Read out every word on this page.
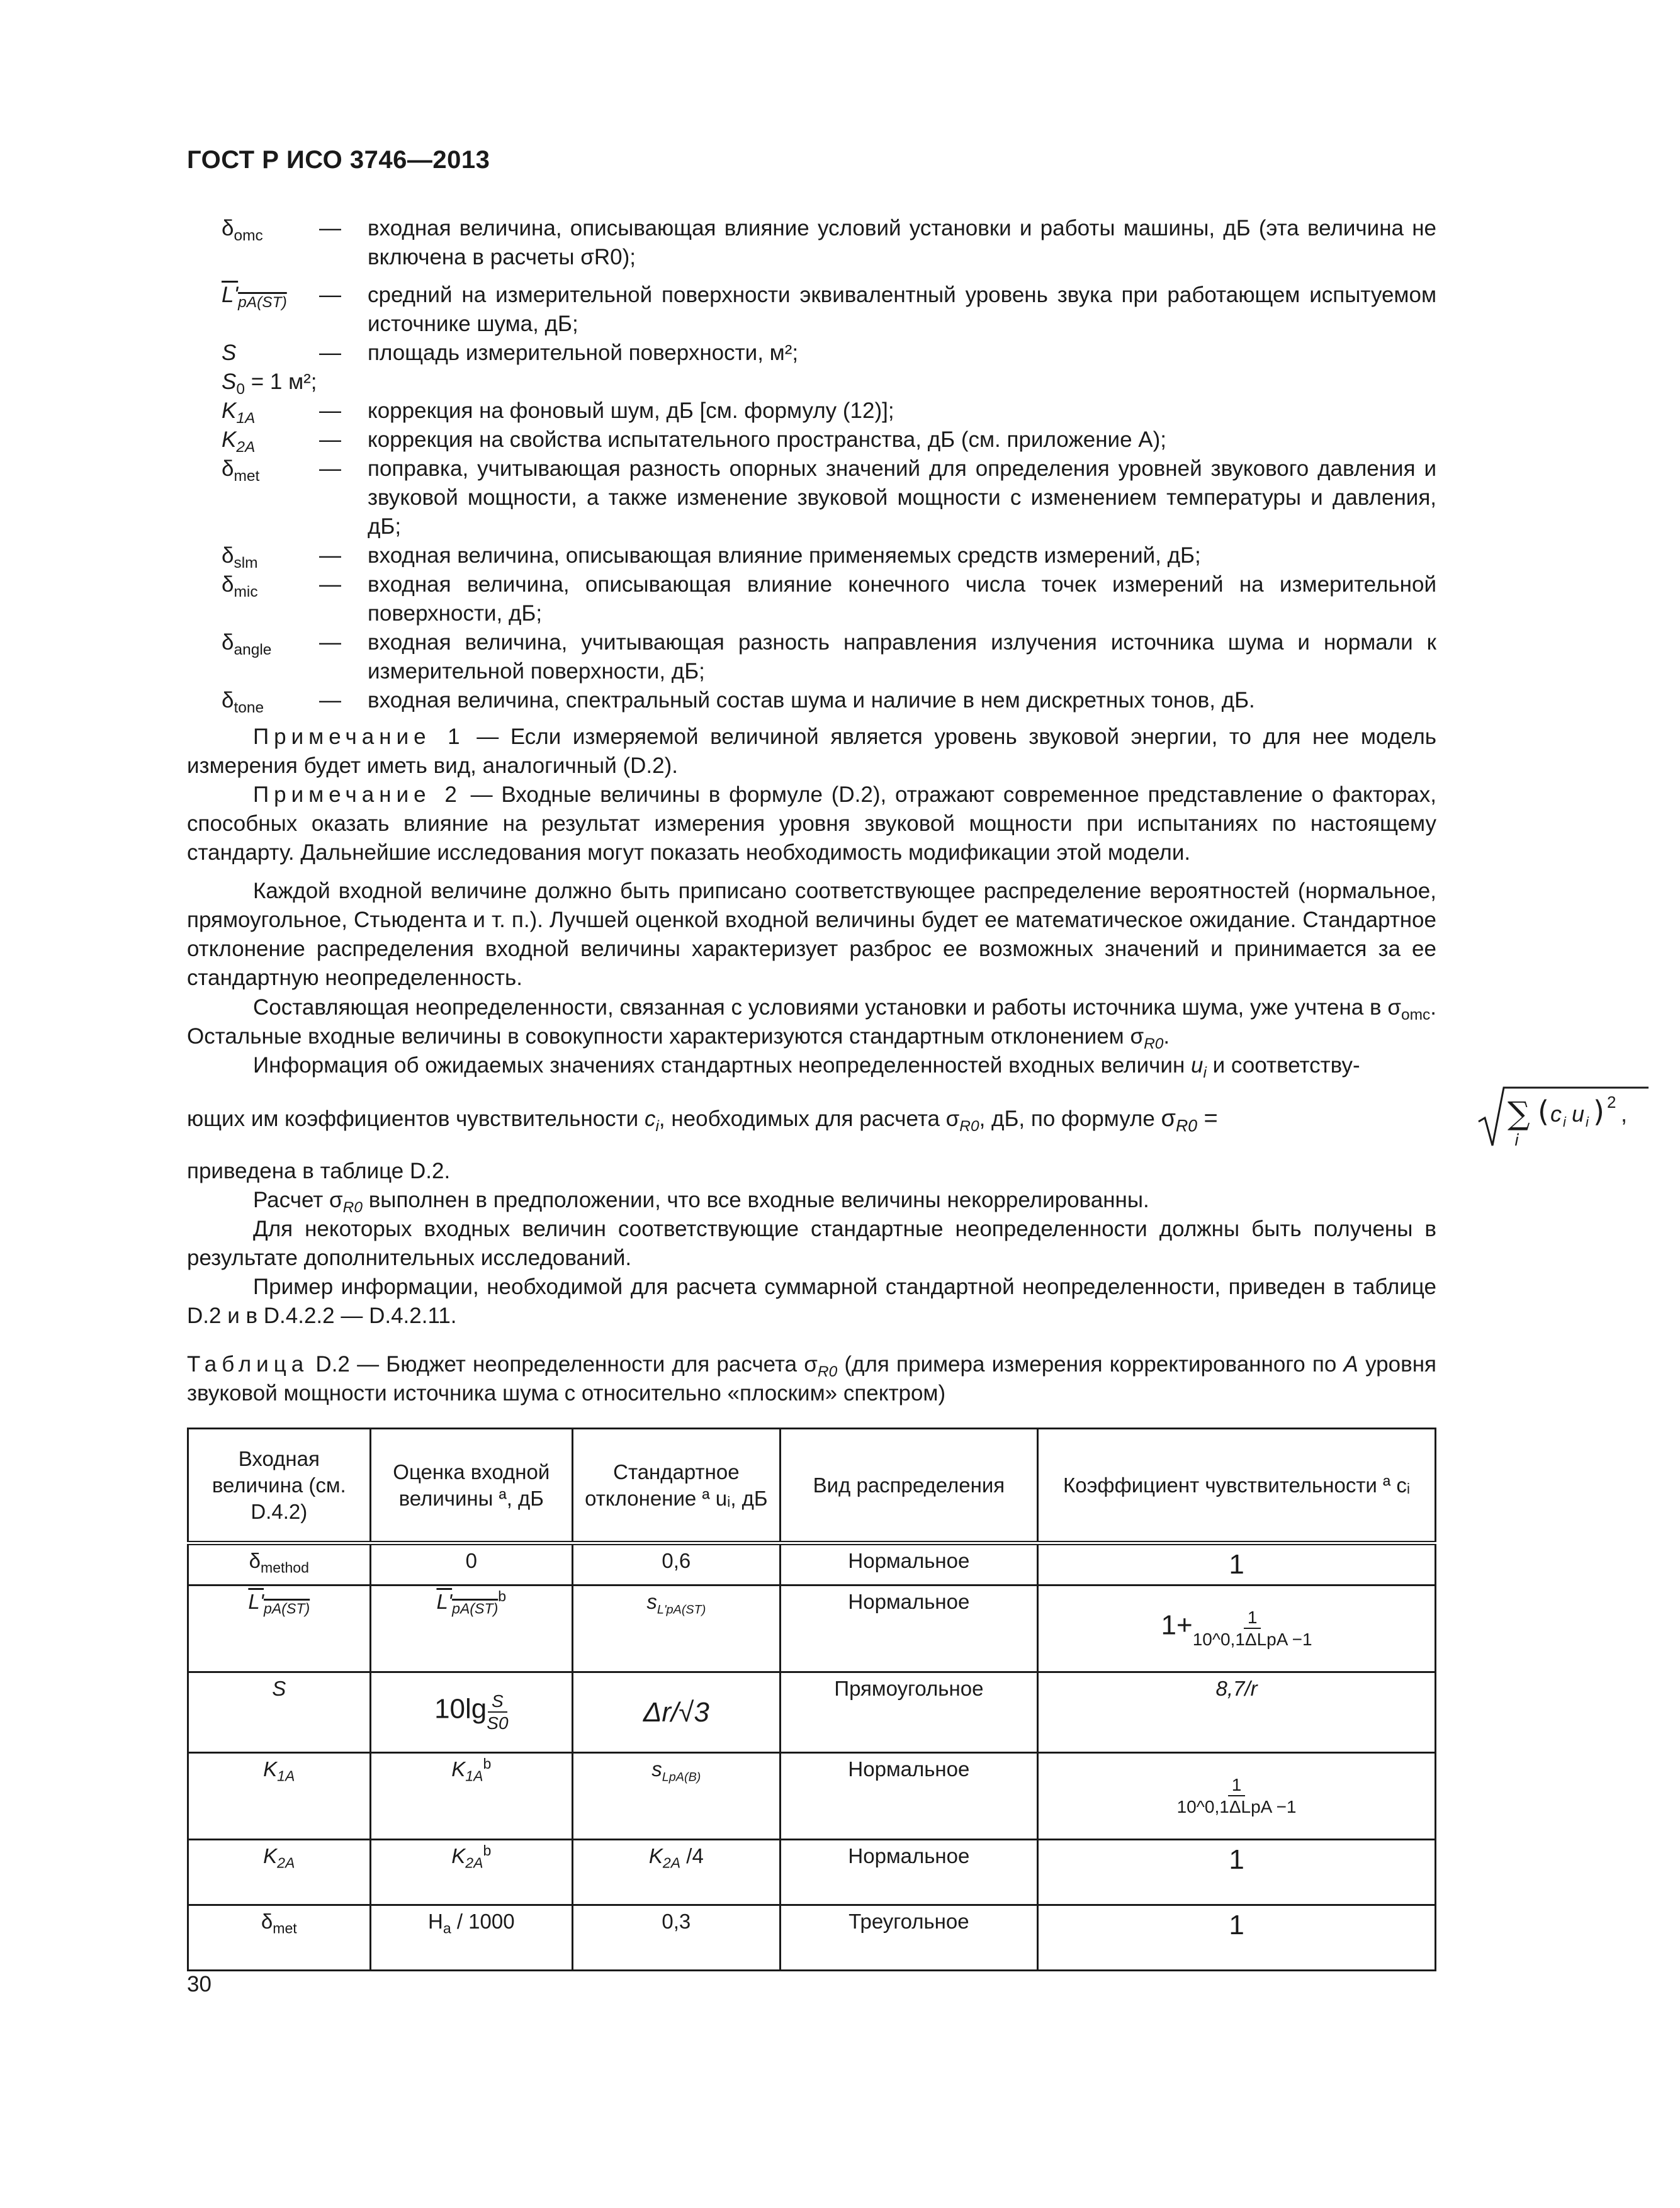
ГОСТ Р ИСО 3746—2013
$\delta_{omc}$	—	входная величина, описывающая влияние условий установки и работы машины, дБ (эта величина не включена в расчеты σR0);
$L'_{pA(ST)}$	—	средний на измерительной поверхности эквивалентный уровень звука при работающем испытуемом источнике шума, дБ;
S	—	площадь измерительной поверхности, м²;
$S_0 = 1$ м²;
$K_{1A}$	—	коррекция на фоновый шум, дБ [см. формулу (12)];
$K_{2A}$	—	коррекция на свойства испытательного пространства, дБ (см. приложение А);
$\delta_{met}$	—	поправка, учитывающая разность опорных значений для определения уровней звукового давления и звуковой мощности, а также изменение звуковой мощности с изменением температуры и давления, дБ;
$\delta_{slm}$	—	входная величина, описывающая влияние применяемых средств измерений, дБ;
$\delta_{mic}$	—	входная величина, описывающая влияние конечного числа точек измерений на измерительной поверхности, дБ;
$\delta_{angle}$	—	входная величина, учитывающая разность направления излучения источника шума и нормали к измерительной поверхности, дБ;
$\delta_{tone}$	—	входная величина, спектральный состав шума и наличие в нем дискретных тонов, дБ.
Примечание 1 — Если измеряемой величиной является уровень звуковой энергии, то для нее модель измерения будет иметь вид, аналогичный (D.2).
Примечание 2 — Входные величины в формуле (D.2), отражают современное представление о факторах, способных оказать влияние на результат измерения уровня звуковой мощности при испытаниях по настоящему стандарту. Дальнейшие исследования могут показать необходимость модификации этой модели.
Каждой входной величине должно быть приписано соответствующее распределение вероятностей (нормальное, прямоугольное, Стьюдента и т. п.). Лучшей оценкой входной величины будет ее математическое ожидание. Стандартное отклонение распределения входной величины характеризует разброс ее возможных значений и принимается за ее стандартную неопределенность.
Составляющая неопределенности, связанная с условиями установки и работы источника шума, уже учтена в $\sigma_{omc}$. Остальные входные величины в совокупности характеризуются стандартным отклонением $\sigma_{R0}$.
Информация об ожидаемых значениях стандартных неопределенностей входных величин $u_i$ и соответству-
ющих им коэффициентов чувствительности $c_i$, необходимых для расчета $\sigma_{R0}$, дБ, по формуле $\sigma_{R0}$ =	∑
i
( c i u i ) 2 ,
приведена в таблице D.2.
Расчет $\sigma_{R0}$ выполнен в предположении, что все входные величины некоррелированны.
Для некоторых входных величин соответствующие стандартные неопределенности должны быть получены в результате дополнительных исследований.
Пример информации, необходимой для расчета суммарной стандартной неопределенности, приведен в таблице D.2 и в D.4.2.2 — D.4.2.11.
Таблица D.2 — Бюджет неопределенности для расчета $\sigma_{R0}$ (для примера измерения корректированного по A уровня звуковой мощности источника шума с относительно «плоским» спектром)
Входная величина (см. D.4.2)	Оценка входной величины ª, дБ	Стандартное отклонение ª uᵢ, дБ	Вид распределения	Коэффициент чувствительности ª cᵢ
$\delta_{method}$	0	0,6	Нормальное	1
$L'_{pA(ST)}$	$L'_{pA(ST)}^b$	$s_{L'pA(ST)}$	Нормальное	$1+ \frac{1}{\text{10\textasciicircum{}0,1ΔLpA −1}}$

S	$10\lg \frac{S}{S0}$	Δr/√3	Прямоугольное	8,7/r
$K_{1A}$	$K_{1A}^b$	$s_{LpA(B)}$	Нормальное	$\frac{1}{\text{10\textasciicircum{}0,1ΔLpA −1}}$

$K_{2A}$	$K_{2A}^b$	$K_{2A}$ /4	Нормальное	1
$\delta_{met}$	$H_a / 1000$	0,3	Треугольное	1
30
